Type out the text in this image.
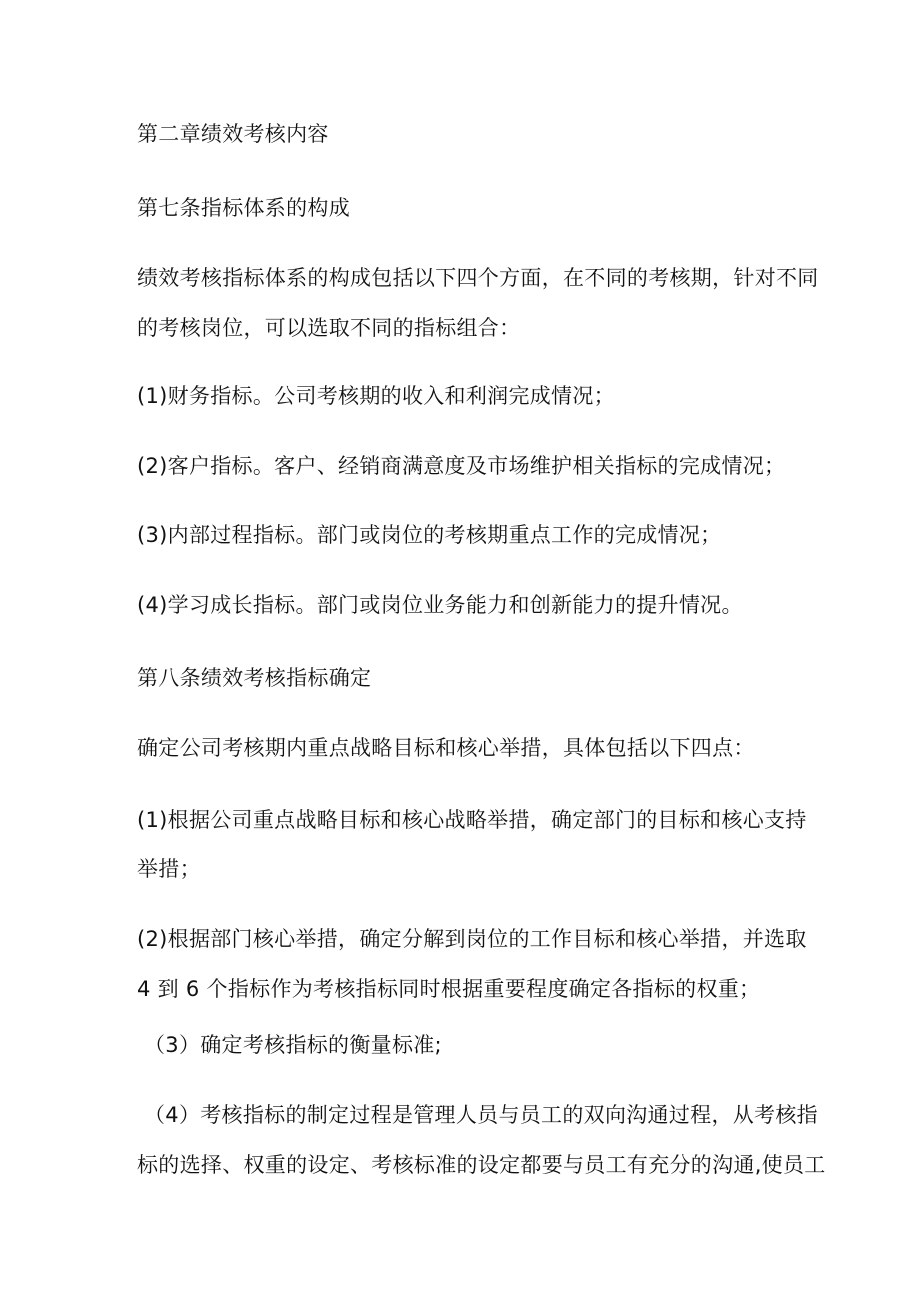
第二章绩效考核内容
第七条指标体系的构成
绩效考核指标体系的构成包括以下四个方面，在不同的考核期，针对不同
的考核岗位，可以选取不同的指标组合：
(1)财务指标。公司考核期的收入和利润完成情况；
(2)客户指标。客户、经销商满意度及市场维护相关指标的完成情况；
(3)内部过程指标。部门或岗位的考核期重点工作的完成情况；
(4)学习成长指标。部门或岗位业务能力和创新能力的提升情况。
第八条绩效考核指标确定
确定公司考核期内重点战略目标和核心举措，具体包括以下四点：
(1)根据公司重点战略目标和核心战略举措，确定部门的目标和核心支持
举措；
(2)根据部门核心举措，确定分解到岗位的工作目标和核心举措，并选取
4 到 6 个指标作为考核指标同时根据重要程度确定各指标的权重；
（3）确定考核指标的衡量标准;
（4）考核指标的制定过程是管理人员与员工的双向沟通过程，从考核指
标的选择、权重的设定、考核标准的设定都要与员工有充分的沟通,使员工
